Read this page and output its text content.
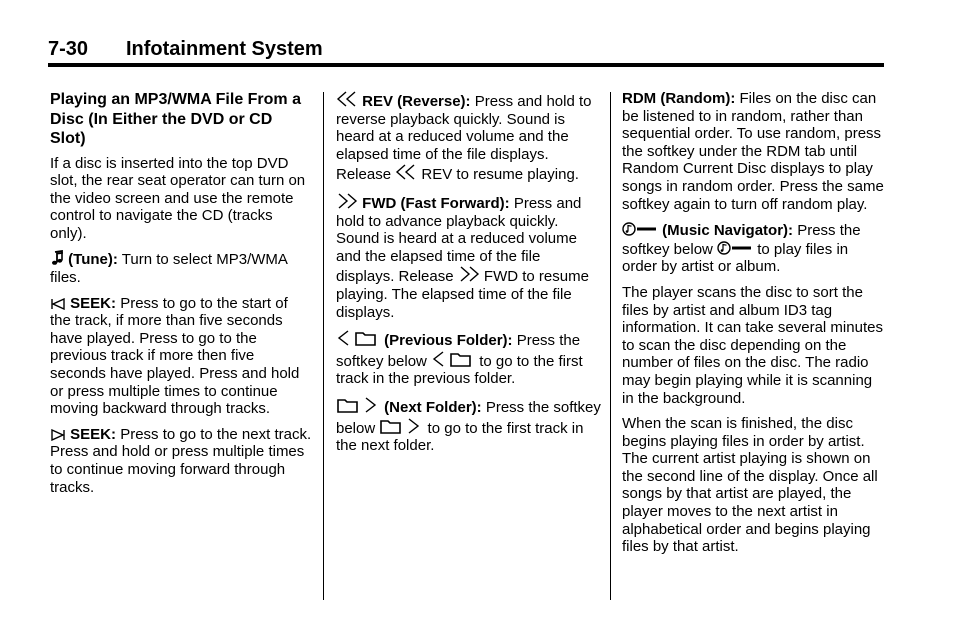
7-30 Infotainment System
Playing an MP3/WMA File From a Disc (In Either the DVD or CD Slot)

If a disc is inserted into the top DVD slot, the rear seat operator can turn on the video screen and use the remote control to navigate the CD (tracks only).

(Tune): Turn to select MP3/WMA files.

SEEK: Press to go to the start of the track, if more than five seconds have played. Press to go to the previous track if more then five seconds have played. Press and hold or press multiple times to continue moving backward through tracks.

SEEK: Press to go to the next track. Press and hold or press multiple times to continue moving forward through tracks.

REV (Reverse): Press and hold to reverse playback quickly. Sound is heard at a reduced volume and the elapsed time of the file displays. Release REV to resume playing.

FWD (Fast Forward): Press and hold to advance playback quickly. Sound is heard at a reduced volume and the elapsed time of the file displays. Release FWD to resume playing. The elapsed time of the file displays.

(Previous Folder): Press the softkey below	to go to the first track in the previous folder.

(Next Folder): Press the softkey below	to go to the first track in the next folder.

RDM (Random): Files on the disc can be listened to in random, rather than sequential order. To use random, press the softkey under the RDM tab until Random Current Disc displays to play songs in random order. Press the same softkey again to turn off random play.

(Music Navigator): Press the softkey below	to play files in order by artist or album.

The player scans the disc to sort the files by artist and album ID3 tag information. It can take several minutes to scan the disc depending on the number of files on the disc. The radio may begin playing while it is scanning in the background.

When the scan is finished, the disc begins playing files in order by artist. The current artist playing is shown on the second line of the display. Once all songs by that artist are played, the player moves to the next artist in alphabetical order and begins playing files by that artist.
